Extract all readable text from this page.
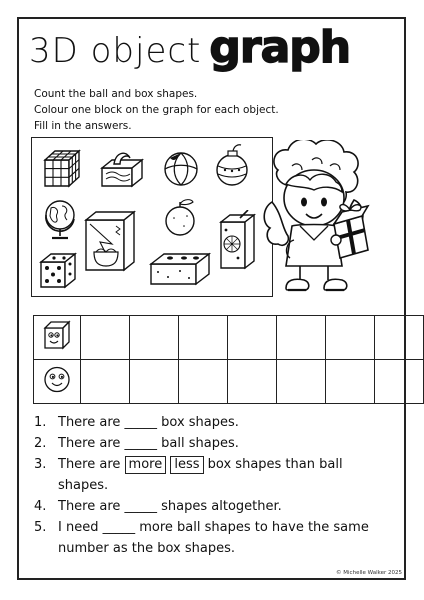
3D object graph
Count the ball and box shapes.
Colour one block on the graph for each object.
Fill in the answers.

1. There are _____ box shapes.
2. There are _____ ball shapes.
3. There are more less box shapes than ball
shapes.
4. There are _____ shapes altogether.
5. I need _____ more ball shapes to have the same
number as the box shapes.
© Michelle Walker 2025
